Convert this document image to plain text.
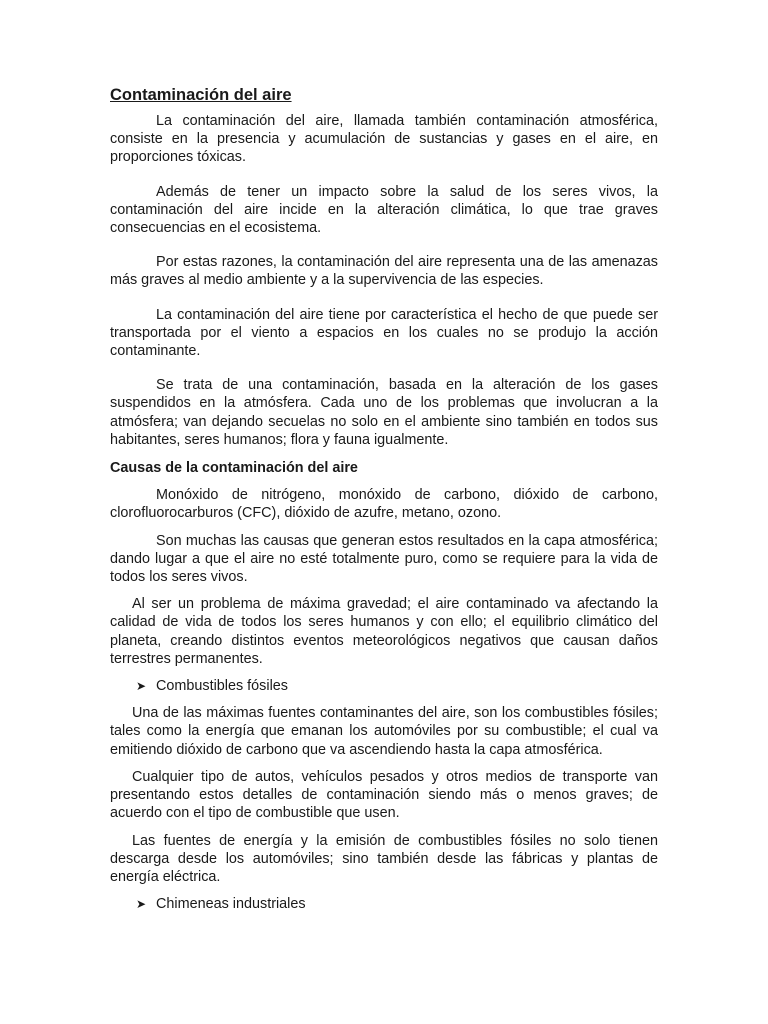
Contaminación del aire

La contaminación del aire, llamada también contaminación atmosférica, consiste en la presencia y acumulación de sustancias y gases en el aire, en proporciones tóxicas.

Además de tener un impacto sobre la salud de los seres vivos, la contaminación del aire incide en la alteración climática, lo que trae graves consecuencias en el ecosistema.

Por estas razones, la contaminación del aire representa una de las amenazas más graves al medio ambiente y a la supervivencia de las especies.

La contaminación del aire tiene por característica el hecho de que puede ser transportada por el viento a espacios en los cuales no se produjo la acción contaminante.

Se trata de una contaminación, basada en la alteración de los gases suspendidos en la atmósfera. Cada uno de los problemas que involucran a la atmósfera; van dejando secuelas no solo en el ambiente sino también en todos sus habitantes, seres humanos; flora y fauna igualmente.

Causas de la contaminación del aire

Monóxido de nitrógeno, monóxido de carbono, dióxido de carbono, clorofluorocarburos (CFC), dióxido de azufre, metano, ozono.

Son muchas las causas que generan estos resultados en la capa atmosférica; dando lugar a que el aire no esté totalmente puro, como se requiere para la vida de todos los seres vivos.

Al ser un problema de máxima gravedad; el aire contaminado va afectando la calidad de vida de todos los seres humanos y con ello; el equilibrio climático del planeta, creando distintos eventos meteorológicos negativos que causan daños terrestres permanentes.

➤ Combustibles fósiles

Una de las máximas fuentes contaminantes del aire, son los combustibles fósiles; tales como la energía que emanan los automóviles por su combustible; el cual va emitiendo dióxido de carbono que va ascendiendo hasta la capa atmosférica.

Cualquier tipo de autos, vehículos pesados y otros medios de transporte van presentando estos detalles de contaminación siendo más o menos graves; de acuerdo con el tipo de combustible que usen.

Las fuentes de energía y la emisión de combustibles fósiles no solo tienen descarga desde los automóviles; sino también desde las fábricas y plantas de energía eléctrica.

➤ Chimeneas industriales
